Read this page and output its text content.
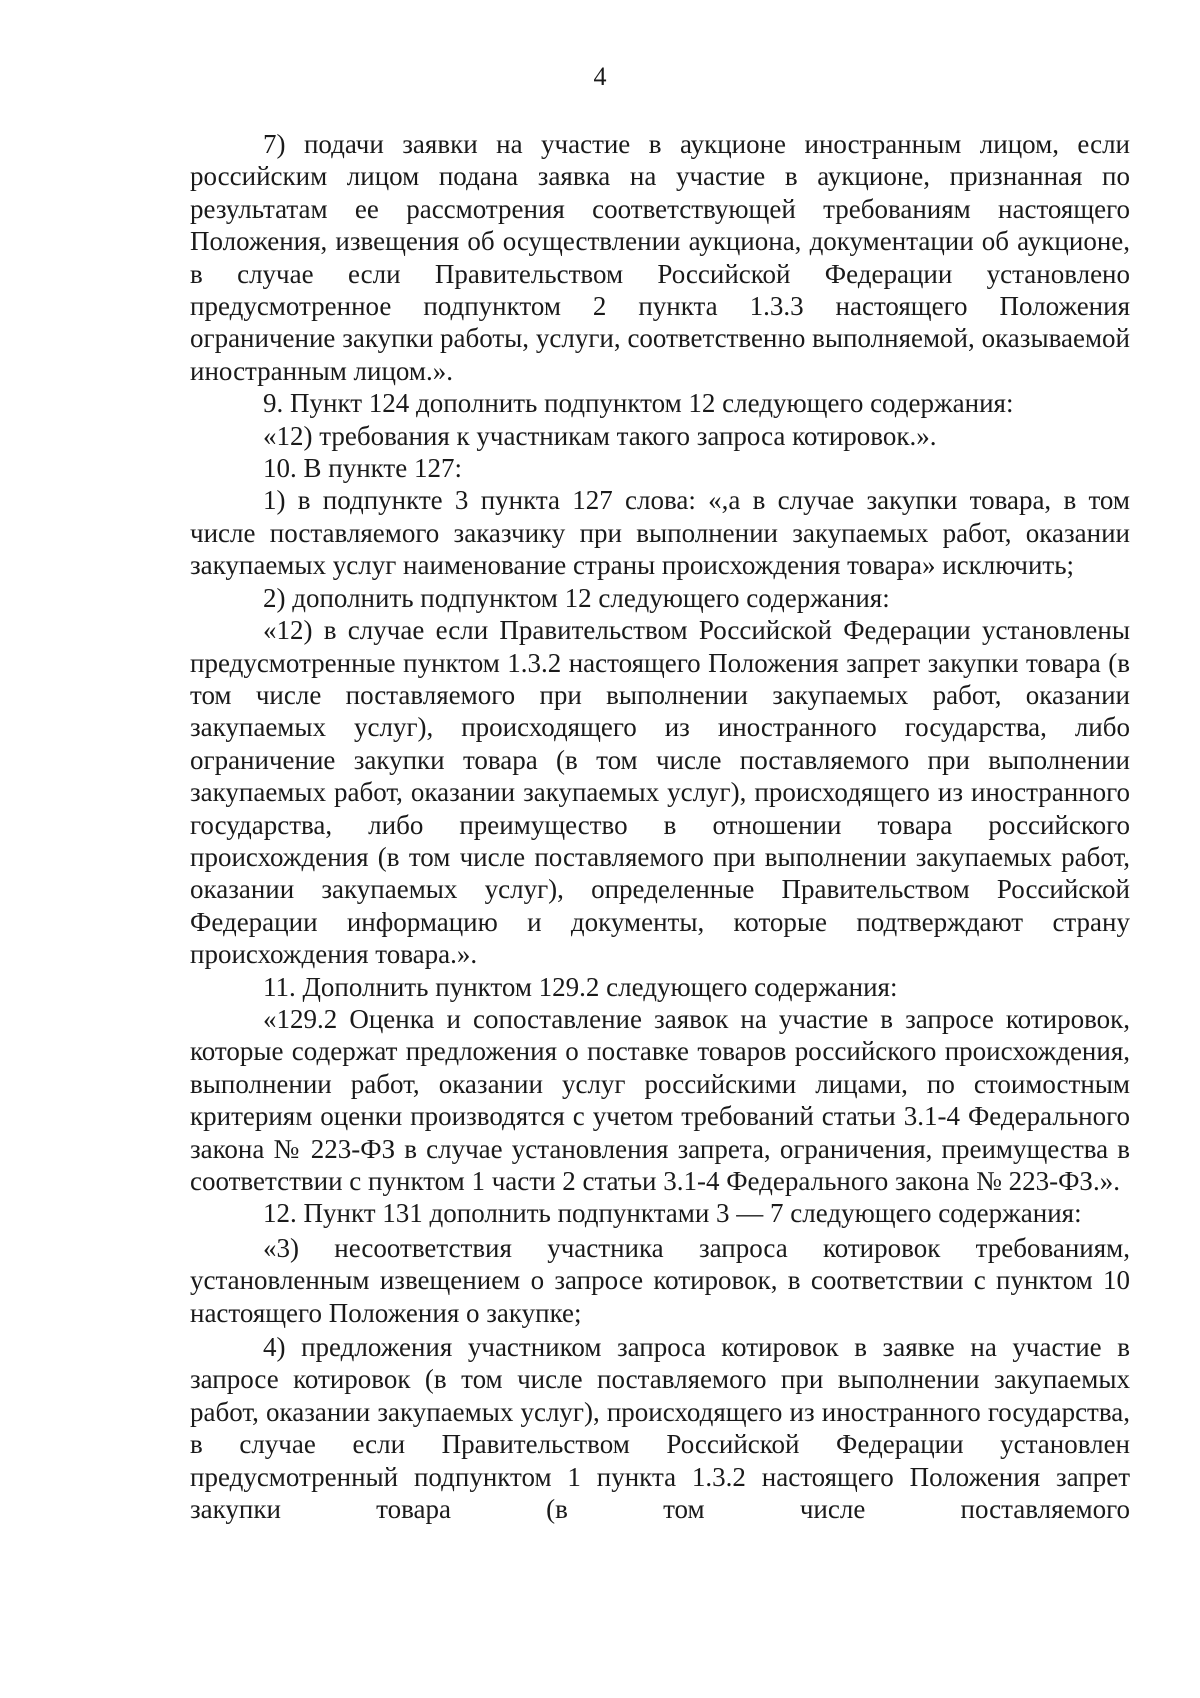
4

7) подачи заявки на участие в аукционе иностранным лицом, если российским лицом подана заявка на участие в аукционе, признанная по результатам ее рассмотрения соответствующей требованиям настоящего Положения, извещения об осуществлении аукциона, документации об аукционе, в случае если Правительством Российской Федерации установлено предусмотренное подпунктом 2 пункта 1.3.3 настоящего Положения ограничение закупки работы, услуги, соответственно выполняемой, оказываемой иностранным лицом.».

9. Пункт 124 дополнить подпунктом 12 следующего содержания:

«12) требования к участникам такого запроса котировок.».

10. В пункте 127:

1) в подпункте 3 пункта 127 слова: «,а в случае закупки товара, в том числе поставляемого заказчику при выполнении закупаемых работ, оказании закупаемых услуг наименование страны происхождения товара» исключить;

2) дополнить подпунктом 12 следующего содержания:

«12) в случае если Правительством Российской Федерации установлены предусмотренные пунктом 1.3.2 настоящего Положения запрет закупки товара (в том числе поставляемого при выполнении закупаемых работ, оказании закупаемых услуг), происходящего из иностранного государства, либо ограничение закупки товара (в том числе поставляемого при выполнении закупаемых работ, оказании закупаемых услуг), происходящего из иностранного государства, либо преимущество в отношении товара российского происхождения (в том числе поставляемого при выполнении закупаемых работ, оказании закупаемых услуг), определенные Правительством Российской Федерации информацию и документы, которые подтверждают страну происхождения товара.».

11. Дополнить пунктом 129.2 следующего содержания:

«129.2 Оценка и сопоставление заявок на участие в запросе котировок, которые содержат предложения о поставке товаров российского происхождения, выполнении работ, оказании услуг российскими лицами, по стоимостным критериям оценки производятся с учетом требований статьи 3.1-4 Федерального закона № 223-ФЗ в случае установления запрета, ограничения, преимущества в соответствии с пунктом 1 части 2 статьи 3.1-4 Федерального закона № 223-ФЗ.».

12. Пункт 131 дополнить подпунктами 3 — 7 следующего содержания:

«3) несоответствия участника запроса котировок требованиям, установленным извещением о запросе котировок, в соответствии с пунктом 10 настоящего Положения о закупке;

4) предложения участником запроса котировок в заявке на участие в запросе котировок (в том числе поставляемого при выполнении закупаемых работ, оказании закупаемых услуг), происходящего из иностранного государства, в случае если Правительством Российской Федерации установлен предусмотренный подпунктом 1 пункта 1.3.2 настоящего Положения запрет закупки товара (в том числе поставляемого
